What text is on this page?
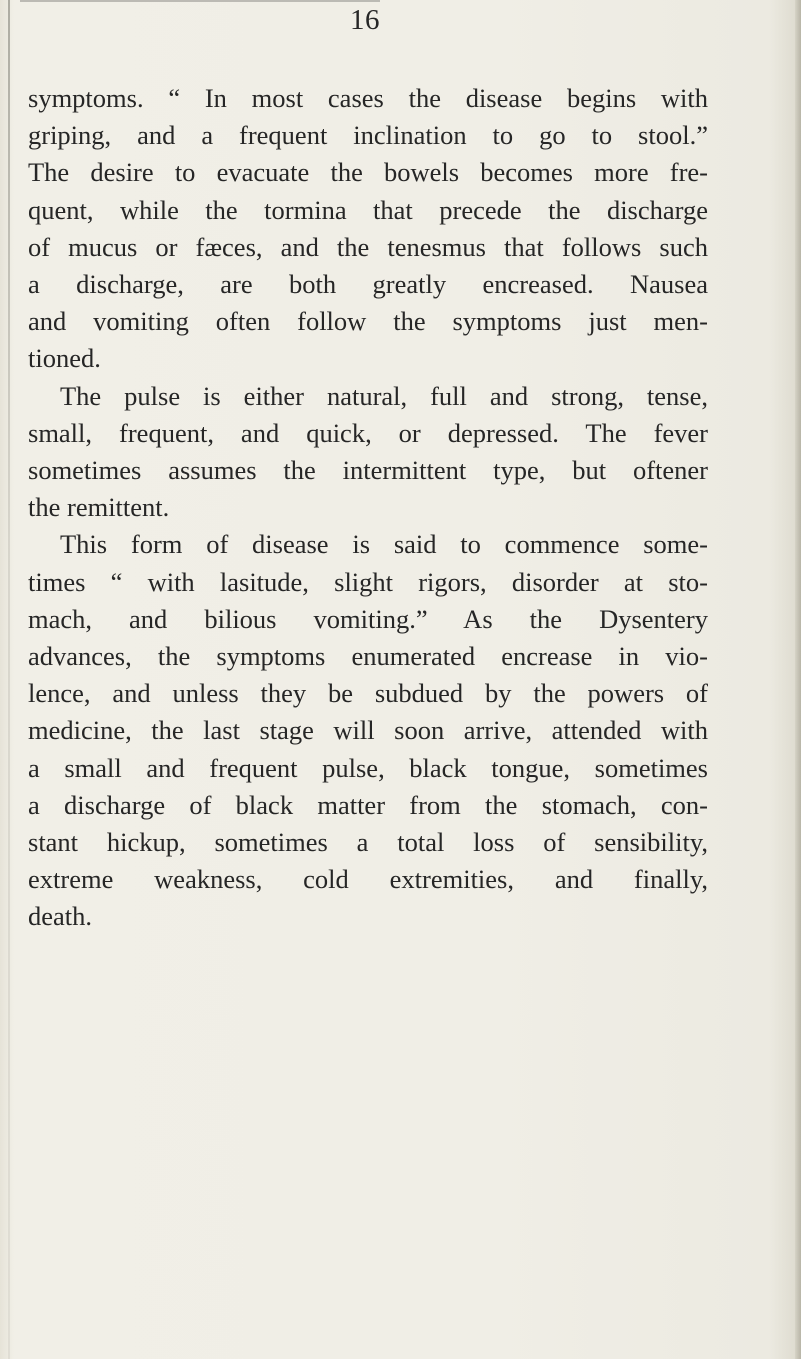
16
symptoms. “ In most cases the disease begins with
griping, and a frequent inclination to go to stool.”
The desire to evacuate the bowels becomes more fre-
quent, while the tormina that precede the discharge
of mucus or fæces, and the tenesmus that follows such
a discharge, are both greatly encreased. Nausea
and vomiting often follow the symptoms just men-
tioned.
The pulse is either natural, full and strong, tense,
small, frequent, and quick, or depressed. The fever
sometimes assumes the intermittent type, but oftener
the remittent.
This form of disease is said to commence some-
times “ with lasitude, slight rigors, disorder at sto-
mach, and bilious vomiting.” As the Dysentery
advances, the symptoms enumerated encrease in vio-
lence, and unless they be subdued by the powers of
medicine, the last stage will soon arrive, attended with
a small and frequent pulse, black tongue, sometimes
a discharge of black matter from the stomach, con-
stant hickup, sometimes a total loss of sensibility,
extreme weakness, cold extremities, and finally,
death.
